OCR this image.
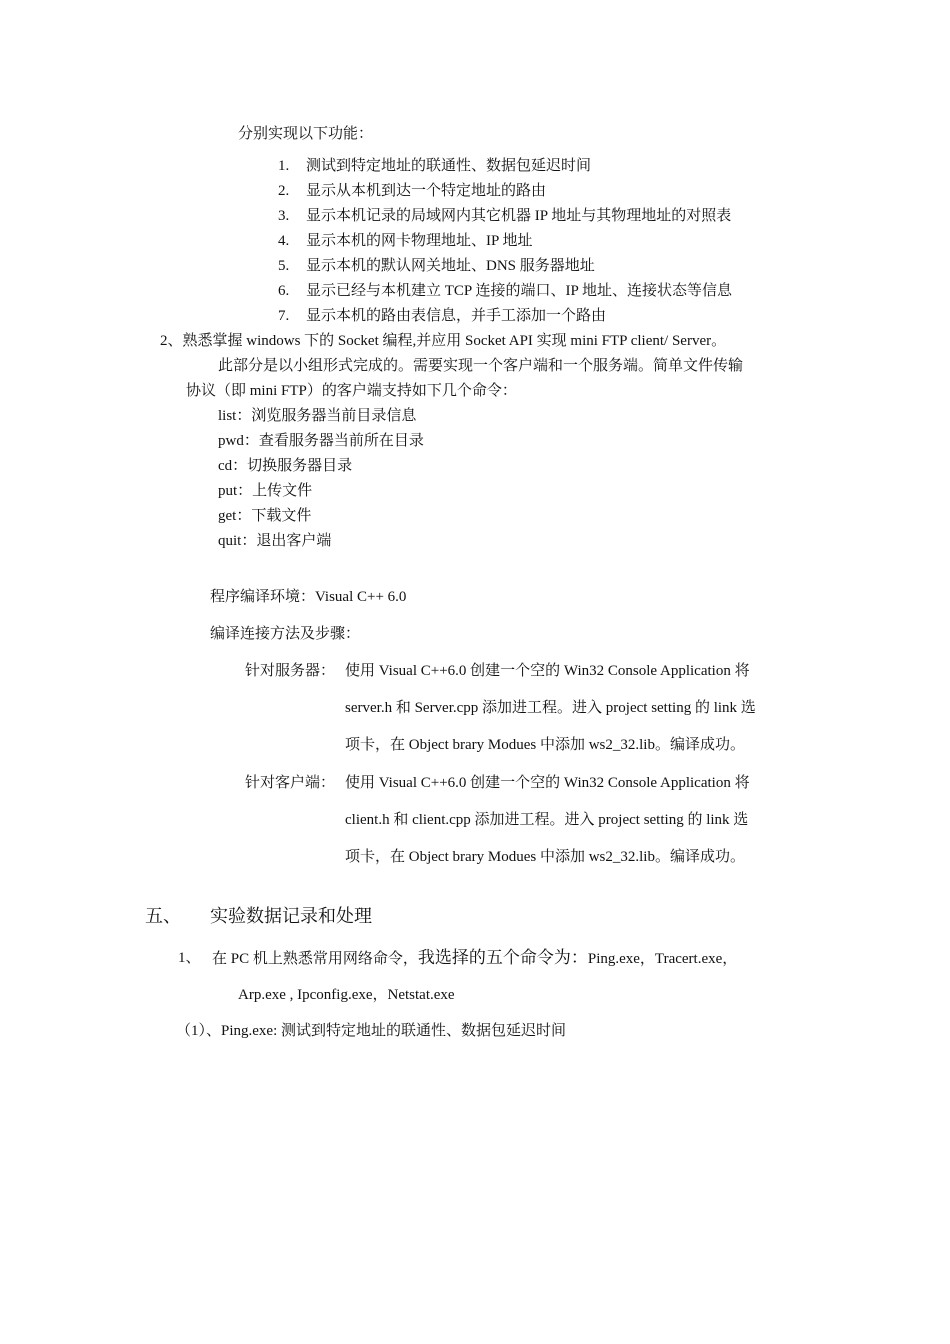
分别实现以下功能：
1. 测试到特定地址的联通性、数据包延迟时间
2. 显示从本机到达一个特定地址的路由
3. 显示本机记录的局域网内其它机器 IP 地址与其物理地址的对照表
4. 显示本机的网卡物理地址、IP 地址
5. 显示本机的默认网关地址、DNS 服务器地址
6. 显示已经与本机建立 TCP 连接的端口、IP 地址、连接状态等信息
7. 显示本机的路由表信息，并手工添加一个路由
2、熟悉掌握 windows 下的 Socket 编程,并应用 Socket API 实现 mini FTP client/ Server。
此部分是以小组形式完成的。需要实现一个客户端和一个服务端。简单文件传输
协议（即 mini FTP）的客户端支持如下几个命令：
list：浏览服务器当前目录信息
pwd：查看服务器当前所在目录
cd：切换服务器目录
put：上传文件
get：下载文件
quit：退出客户端
程序编译环境：Visual C++ 6.0
编译连接方法及步骤：
针对服务器： 使用 Visual C++6.0 创建一个空的 Win32 Console Application 将
server.h 和 Server.cpp 添加进工程。进入 project setting 的 link 选
项卡，在 Object brary Modues 中添加 ws2_32.lib。编译成功。
针对客户端： 使用 Visual C++6.0 创建一个空的 Win32 Console Application 将
client.h 和 client.cpp 添加进工程。进入 project setting 的 link 选
项卡，在 Object brary Modues 中添加 ws2_32.lib。编译成功。
五、 实验数据记录和处理
1、 在 PC 机上熟悉常用网络命令，我选择的五个命令为：Ping.exe，Tracert.exe，
Arp.exe , Ipconfig.exe，Netstat.exe
（1）、Ping.exe: 测试到特定地址的联通性、数据包延迟时间
